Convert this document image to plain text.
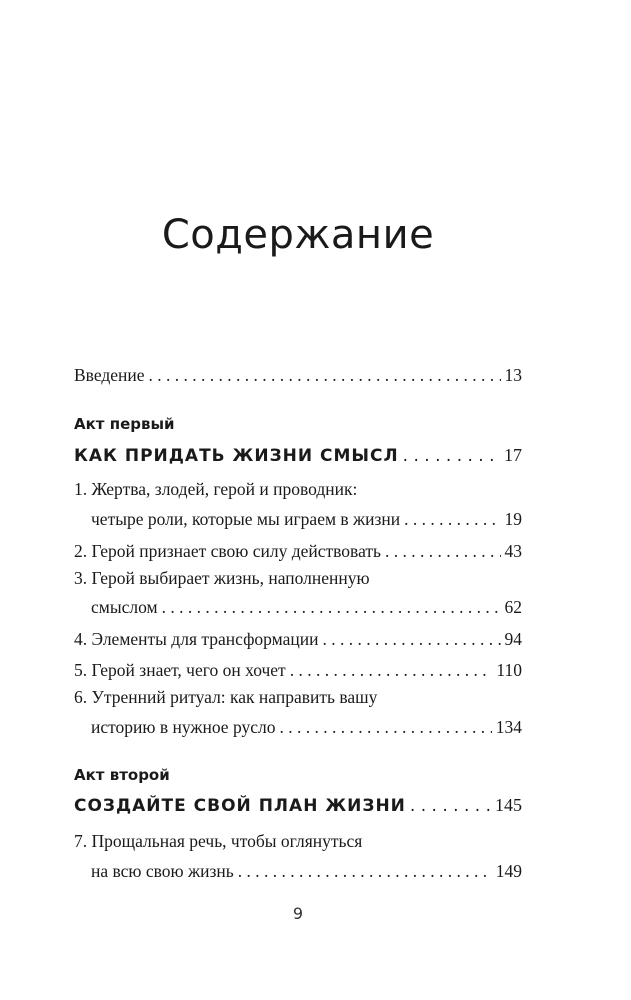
Содержание
Введение . . .	13
Акт первый
КАК ПРИДАТЬ ЖИЗНИ СМЫСЛ . . .	17
1. Жертва, злодей, герой и проводник:
четыре роли, которые мы играем в жизни . . .	19
2. Герой признает свою силу действовать . . .	43
3. Герой выбирает жизнь, наполненную
смыслом . . .	62
4. Элементы для трансформации . . .	94
5. Герой знает, чего он хочет . . .	110
6. Утренний ритуал: как направить вашу
историю в нужное русло . . .	134
Акт второй
СОЗДАЙТЕ СВОЙ ПЛАН ЖИЗНИ . . .	145
7. Прощальная речь, чтобы оглянуться
на всю свою жизнь . . .	149
9
